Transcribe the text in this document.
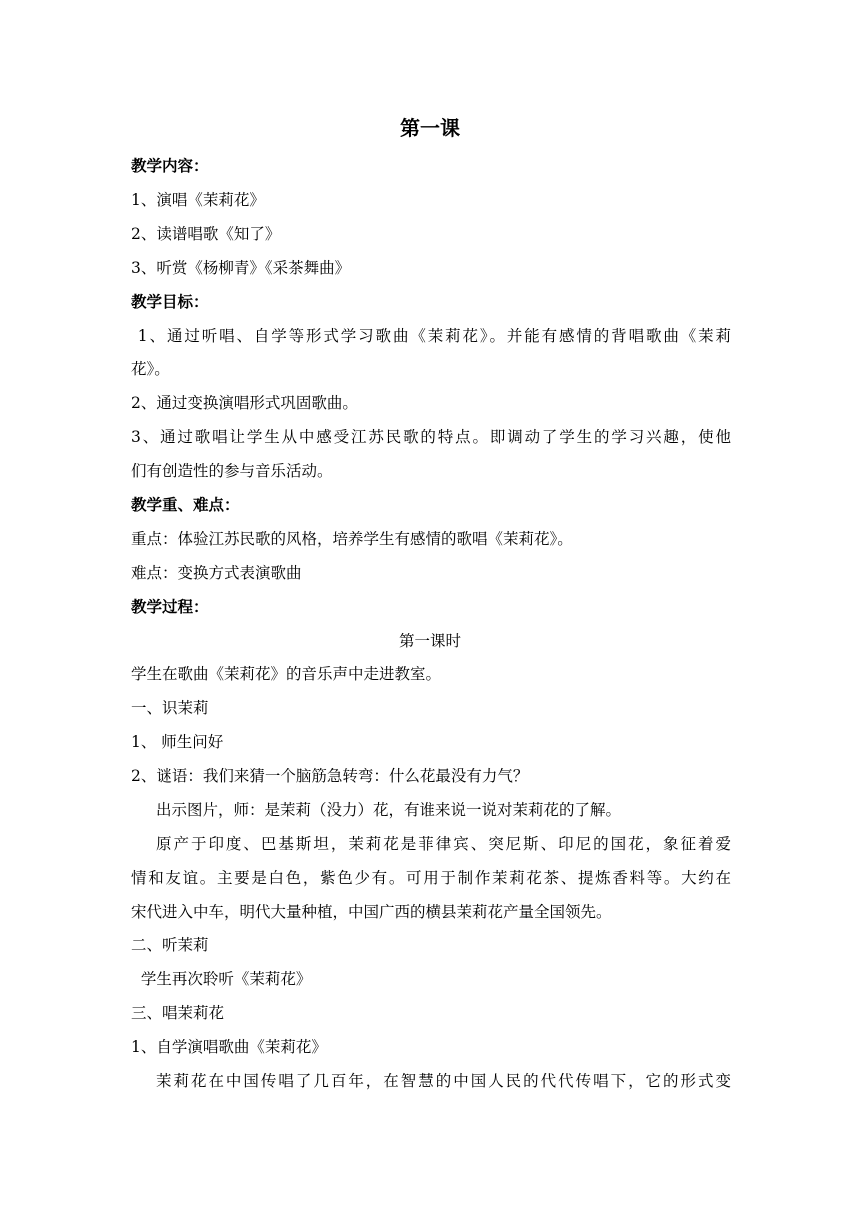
第一课
教学内容：
1、演唱《茉莉花》
2、读谱唱歌《知了》
3、听赏《杨柳青》《采茶舞曲》
教学目标：
1、通过听唱、自学等形式学习歌曲《茉莉花》。并能有感情的背唱歌曲《茉莉
花》。
2、通过变换演唱形式巩固歌曲。
3、通过歌唱让学生从中感受江苏民歌的特点。即调动了学生的学习兴趣，使他
们有创造性的参与音乐活动。
教学重、难点：
重点：体验江苏民歌的风格，培养学生有感情的歌唱《茉莉花》。
难点：变换方式表演歌曲
教学过程：
第一课时
学生在歌曲《茉莉花》的音乐声中走进教室。
一、识茉莉
1、 师生问好
2、谜语：我们来猜一个脑筋急转弯：什么花最没有力气？
出示图片，师：是茉莉（没力）花，有谁来说一说对茉莉花的了解。
原产于印度、巴基斯坦，茉莉花是菲律宾、突尼斯、印尼的国花，象征着爱
情和友谊。主要是白色，紫色少有。可用于制作茉莉花茶、提炼香料等。大约在
宋代进入中车，明代大量种植，中国广西的横县茉莉花产量全国领先。
二、听茉莉
学生再次聆听《茉莉花》
三、唱茉莉花
1、自学演唱歌曲《茉莉花》
茉莉花在中国传唱了几百年，在智慧的中国人民的代代传唱下，它的形式变
